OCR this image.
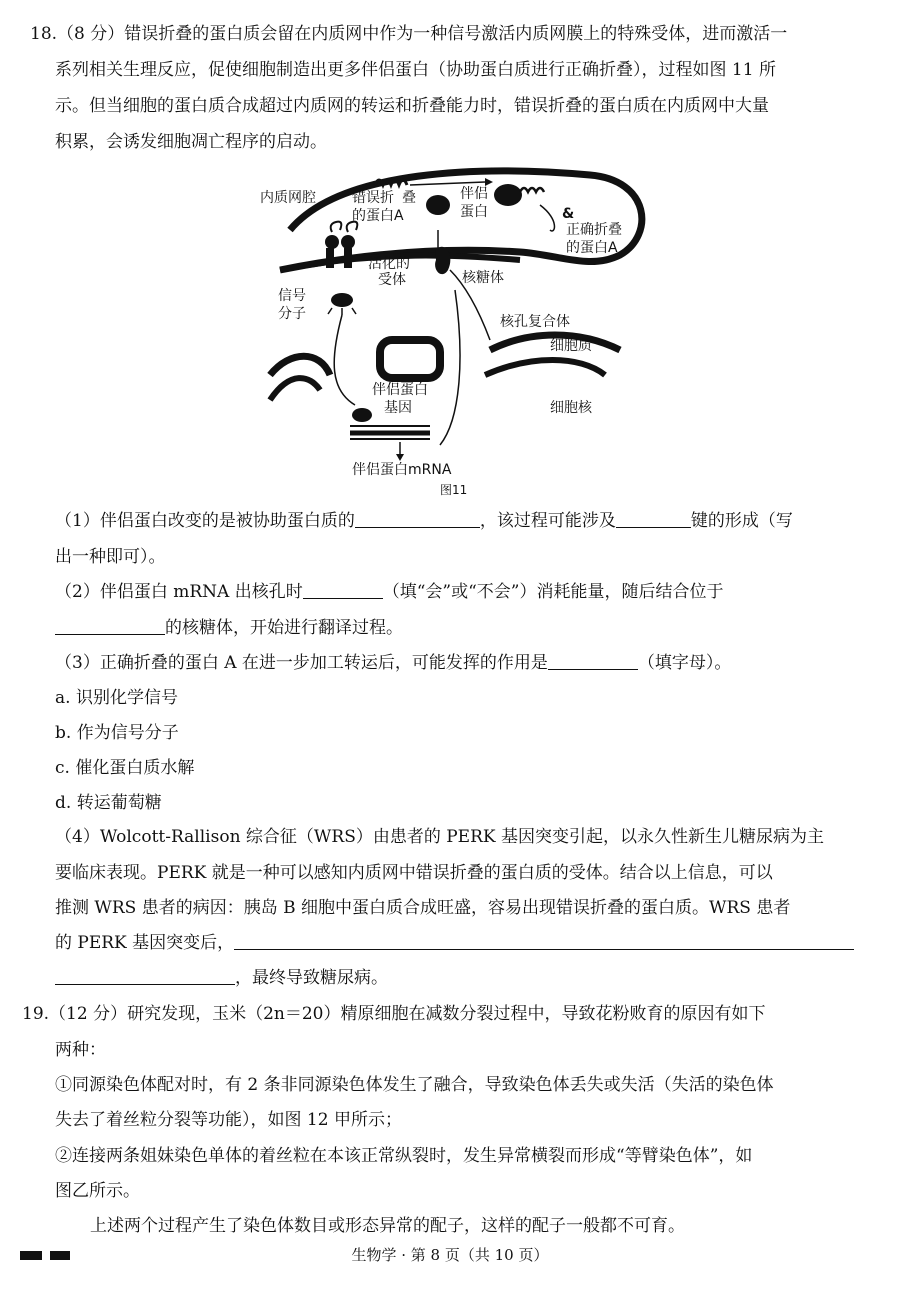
18.（8 分）错误折叠的蛋白质会留在内质网中作为一种信号激活内质网膜上的特殊受体，进而激活一
系列相关生理反应，促使细胞制造出更多伴侣蛋白（协助蛋白质进行正确折叠），过程如图 11 所
示。但当细胞的蛋白质合成超过内质网的转运和折叠能力时，错误折叠的蛋白质在内质网中大量
积累，会诱发细胞凋亡程序的启动。
&
内质网腔	错误折 叠
的蛋白A
伴侣
蛋白
正确折叠
的蛋白A
活化的
受体	核糖体
信号
分子	核孔复合体
细胞质
伴侣蛋白
基因	细胞核
伴侣蛋白mRNA
图11
（1）伴侣蛋白改变的是被协助蛋白质的	，该过程可能涉及	键的形成（写
出一种即可）。
（2）伴侣蛋白 mRNA 出核孔时	（填“会”或“不会”）消耗能量，随后结合位于
的核糖体，开始进行翻译过程。
（3）正确折叠的蛋白 A 在进一步加工转运后，可能发挥的作用是	（填字母）。
a. 识别化学信号
b. 作为信号分子
c. 催化蛋白质水解
d. 转运葡萄糖
（4）Wolcott-Rallison 综合征（WRS）由患者的 PERK 基因突变引起，以永久性新生儿糖尿病为主
要临床表现。PERK 就是一种可以感知内质网中错误折叠的蛋白质的受体。结合以上信息，可以
推测 WRS 患者的病因：胰岛 B 细胞中蛋白质合成旺盛，容易出现错误折叠的蛋白质。WRS 患者
的 PERK 基因突变后，
，最终导致糖尿病。
19.（12 分）研究发现，玉米（2n＝20）精原细胞在减数分裂过程中，导致花粉败育的原因有如下
两种：
①同源染色体配对时，有 2 条非同源染色体发生了融合，导致染色体丢失或失活（失活的染色体
失去了着丝粒分裂等功能），如图 12 甲所示；
②连接两条姐妹染色单体的着丝粒在本该正常纵裂时，发生异常横裂而形成“等臂染色体”，如
图乙所示。
上述两个过程产生了染色体数目或形态异常的配子，这样的配子一般都不可育。
生物学 · 第 8 页（共 10 页）
